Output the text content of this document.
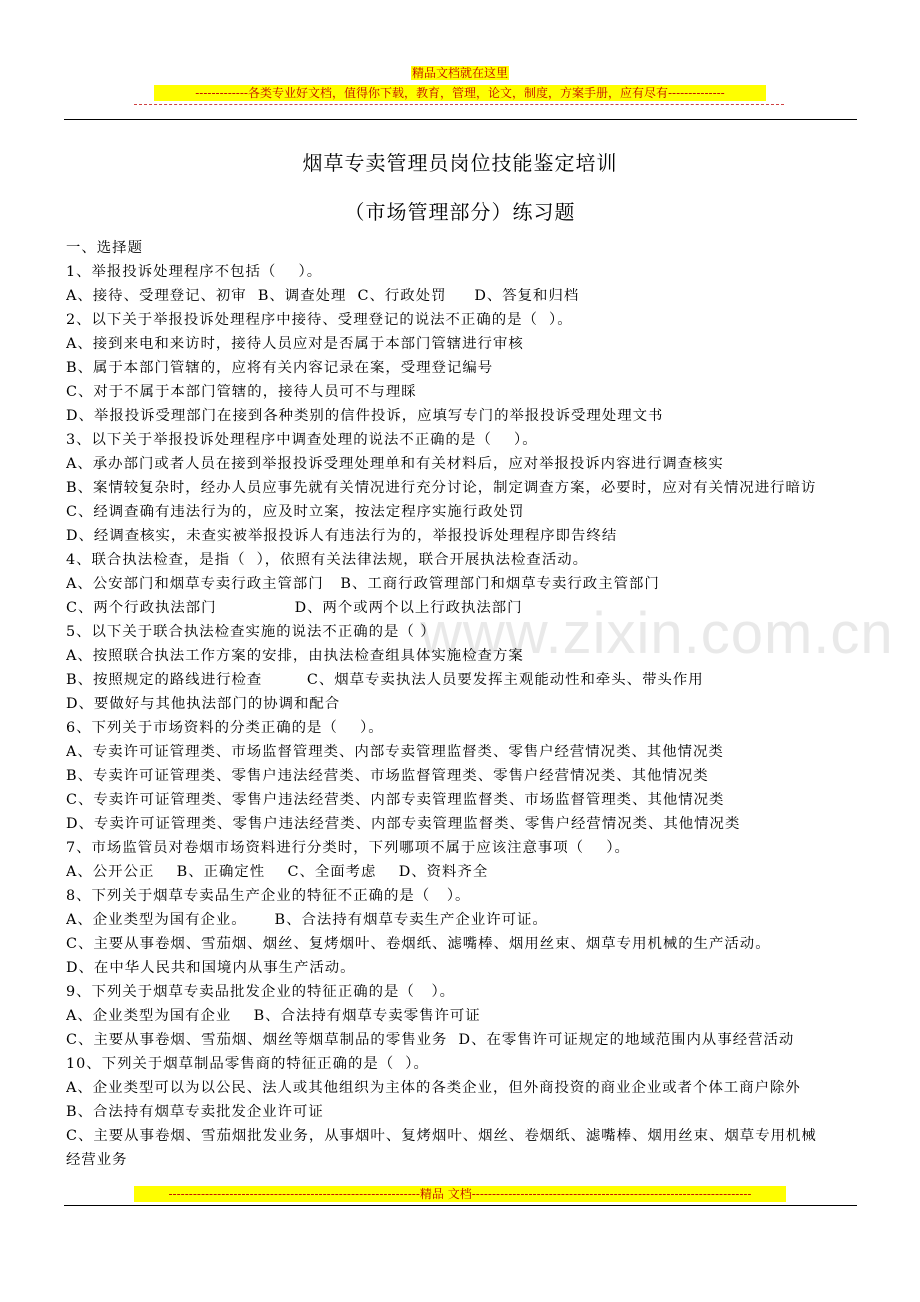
精品文档就在这里
-------------各类专业好文档，值得你下载，教育，管理，论文，制度，方案手册，应有尽有--------------
www.zixin.com.cn
烟草专卖管理员岗位技能鉴定培训
（市场管理部分）练习题
一、选择题
1、举报投诉处理程序不包括（    ）。
A、接待、受理登记、初审  B、调查处理  C、行政处罚     D、答复和归档
2、以下关于举报投诉处理程序中接待、受理登记的说法不正确的是（  ）。
A、接到来电和来访时，接待人员应对是否属于本部门管辖进行审核
B、属于本部门管辖的，应将有关内容记录在案，受理登记编号
C、对于不属于本部门管辖的，接待人员可不与理睬
D、举报投诉受理部门在接到各种类别的信件投诉，应填写专门的举报投诉受理处理文书
3、以下关于举报投诉处理程序中调查处理的说法不正确的是（    ）。
A、承办部门或者人员在接到举报投诉受理处理单和有关材料后，应对举报投诉内容进行调查核实
B、案情较复杂时，经办人员应事先就有关情况进行充分讨论，制定调查方案，必要时，应对有关情况进行暗访
C、经调查确有违法行为的，应及时立案，按法定程序实施行政处罚
D、经调查核实，未查实被举报投诉人有违法行为的，举报投诉处理程序即告终结
4、联合执法检查，是指（  ），依照有关法律法规，联合开展执法检查活动。
A、公安部门和烟草专卖行政主管部门   B、工商行政管理部门和烟草专卖行政主管部门
C、两个行政执法部门              D、两个或两个以上行政执法部门
5、以下关于联合执法检查实施的说法不正确的是（ ）
A、按照联合执法工作方案的安排，由执法检查组具体实施检查方案
B、按照规定的路线进行检查        C、烟草专卖执法人员要发挥主观能动性和牵头、带头作用
D、要做好与其他执法部门的协调和配合
6、下列关于市场资料的分类正确的是（    ）。
A、专卖许可证管理类、市场监督管理类、内部专卖管理监督类、零售户经营情况类、其他情况类
B、专卖许可证管理类、零售户违法经营类、市场监督管理类、零售户经营情况类、其他情况类
C、专卖许可证管理类、零售户违法经营类、内部专卖管理监督类、市场监督管理类、其他情况类
D、专卖许可证管理类、零售户违法经营类、内部专卖管理监督类、零售户经营情况类、其他情况类
7、市场监管员对卷烟市场资料进行分类时，下列哪项不属于应该注意事项（    ）。
A、公开公正    B、正确定性    C、全面考虑    D、资料齐全
8、下列关于烟草专卖品生产企业的特征不正确的是（   ）。
A、企业类型为国有企业。     B、合法持有烟草专卖生产企业许可证。
C、主要从事卷烟、雪茄烟、烟丝、复烤烟叶、卷烟纸、滤嘴棒、烟用丝束、烟草专用机械的生产活动。
D、在中华人民共和国境内从事生产活动。
9、下列关于烟草专卖品批发企业的特征正确的是（   ）。
A、企业类型为国有企业    B、合法持有烟草专卖零售许可证
C、主要从事卷烟、雪茄烟、烟丝等烟草制品的零售业务  D、在零售许可证规定的地域范围内从事经营活动
10、下列关于烟草制品零售商的特征正确的是（  ）。
A、企业类型可以为以公民、法人或其他组织为主体的各类企业，但外商投资的商业企业或者个体工商户除外
B、合法持有烟草专卖批发企业许可证
C、主要从事卷烟、雪茄烟批发业务，从事烟叶、复烤烟叶、烟丝、卷烟纸、滤嘴棒、烟用丝束、烟草专用机械
经营业务
--------------------------------------------------------------精品 文档---------------------------------------------------------------------
